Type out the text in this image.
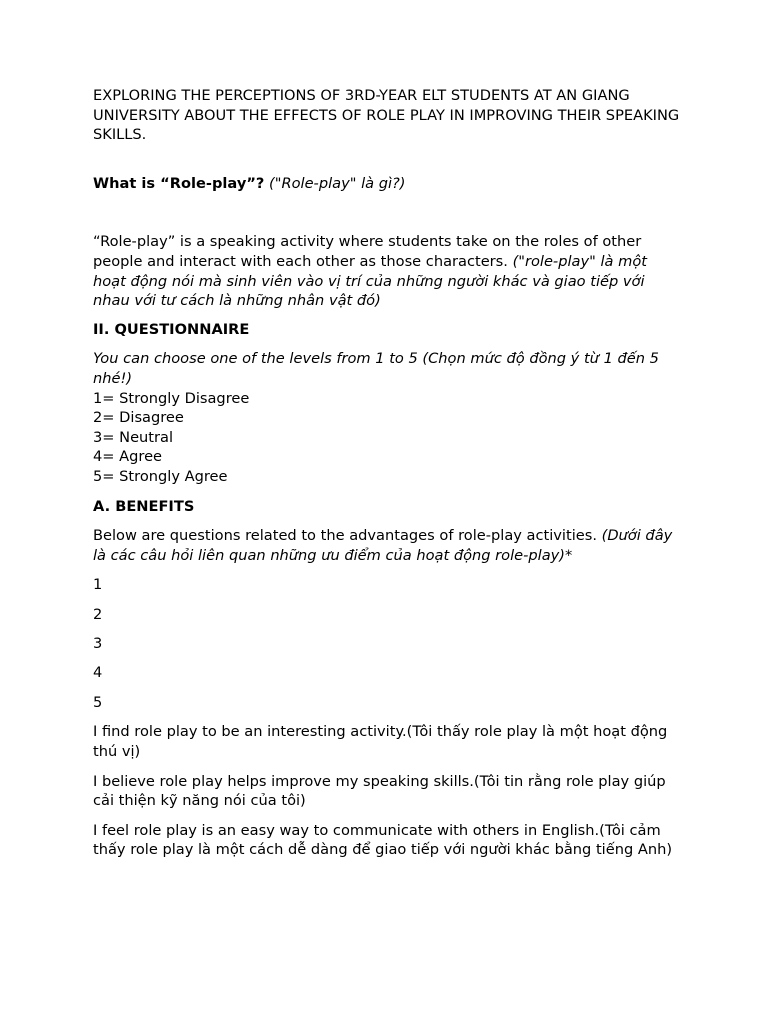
EXPLORING THE PERCEPTIONS OF 3RD-YEAR ELT STUDENTS AT AN GIANG UNIVERSITY ABOUT THE EFFECTS OF ROLE PLAY IN IMPROVING THEIR SPEAKING SKILLS.

What is “Role-play”? ("Role-play" là gì?)

“Role-play” is a speaking activity where students take on the roles of other people and interact with each other as those characters. ("role-play" là một hoạt động nói mà sinh viên vào vị trí của những người khác và giao tiếp với nhau với tư cách là những nhân vật đó)

II. QUESTIONNAIRE

You can choose one of the levels from 1 to 5 (Chọn mức độ đồng ý từ 1 đến 5 nhé!)

1= Strongly Disagree
2= Disagree
3= Neutral
4= Agree
5= Strongly Agree

A. BENEFITS

Below are questions related to the advantages of role-play activities. (Dưới đây là các câu hỏi liên quan những ưu điểm của hoạt động role-play)*

1
2
3
4
5

I find role play to be an interesting activity.(Tôi thấy role play là một hoạt động thú vị)

I believe role play helps improve my speaking skills.(Tôi tin rằng role play giúp cải thiện kỹ năng nói của tôi)

I feel role play is an easy way to communicate with others in English.(Tôi cảm thấy role play là một cách dễ dàng để giao tiếp với người khác bằng tiếng Anh)
